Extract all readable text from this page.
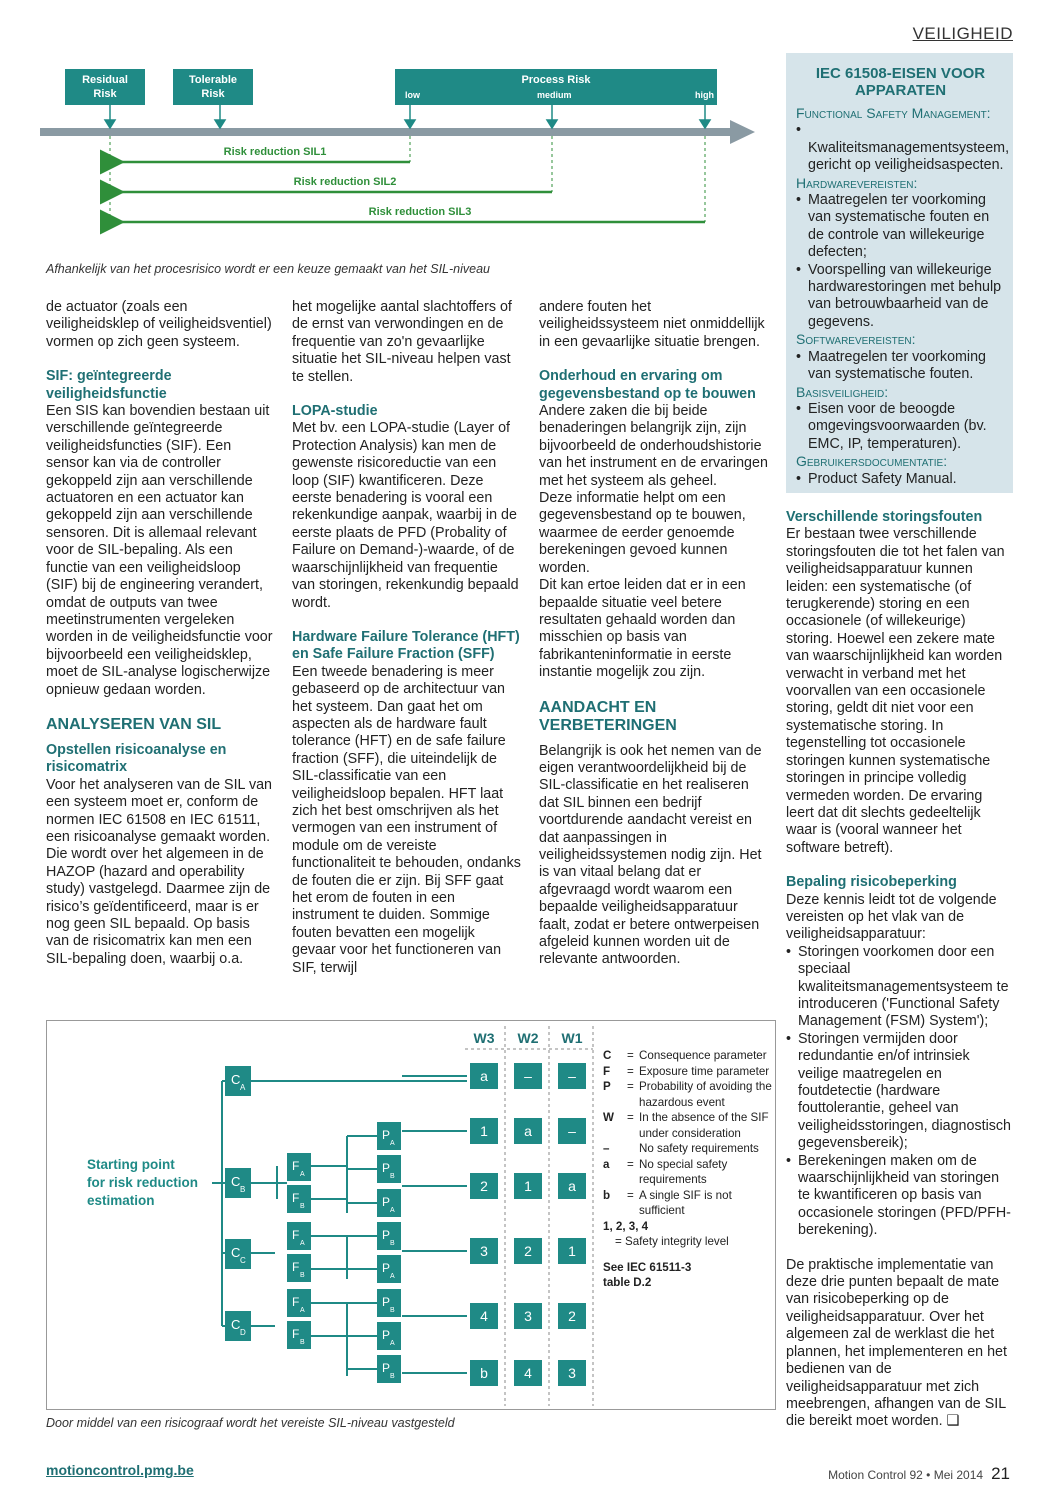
VEILIGHEID
Residual
Risk
Tolerable
Risk
Process Risk
low	medium	high
Risk reduction SIL1
Risk reduction SIL2
Risk reduction SIL3
Afhankelijk van het procesrisico wordt er een keuze gemaakt van het SIL-niveau

de actuator (zoals een veiligheidsklep of veiligheidsventiel) vormen op zich geen systeem.

SIF: geïntegreerde veiligheidsfunctie

Een SIS kan bovendien bestaan uit verschillende geïntegreerde veiligheidsfuncties (SIF). Een sensor kan via de controller gekoppeld zijn aan verschillende actuatoren en een actuator kan gekoppeld zijn aan verschillende sensoren. Dit is allemaal relevant voor de SIL-bepaling. Als een functie van een veiligheidsloop (SIF) bij de engineering verandert, omdat de outputs van twee meetinstrumenten vergeleken worden in de veiligheidsfunctie voor bijvoorbeeld een veiligheidsklep, moet de SIL-analyse logischerwijze opnieuw gedaan worden.

ANALYSEREN VAN SIL
Opstellen risicoanalyse en risicomatrix

Voor het analyseren van de SIL van een systeem moet er, conform de normen IEC 61508 en IEC 61511, een risicoanalyse gemaakt worden. Die wordt over het algemeen in de HAZOP (hazard and operability study) vastgelegd. Daarmee zijn de risico’s geïdentificeerd, maar is er nog geen SIL bepaald. Op basis van de risicomatrix kan men een SIL-bepaling doen, waarbij o.a.

het mogelijke aantal slachtoffers of de ernst van verwondingen en de frequentie van zo'n gevaarlijke situatie het SIL-niveau helpen vast te stellen.

LOPA-studie

Met bv. een LOPA-studie (Layer of Protection Analysis) kan men de gewenste risicoreductie van een loop (SIF) kwantificeren. Deze eerste benadering is vooral een rekenkundige aanpak, waarbij in de eerste plaats de PFD (Probality of Failure on Demand-)-waarde, of de waarschijnlijkheid van frequentie van storingen, rekenkundig bepaald wordt.

Hardware Failure Tolerance (HFT) en Safe Failure Fraction (SFF)

Een tweede benadering is meer gebaseerd op de architectuur van het systeem. Dan gaat het om aspecten als de hardware fault tolerance (HFT) en de safe failure fraction (SFF), die uiteindelijk de SIL-classificatie van een veiligheidsloop bepalen. HFT laat zich het best omschrijven als het vermogen van een instrument of module om de vereiste functionaliteit te behouden, ondanks de fouten die er zijn. Bij SFF gaat het erom de fouten in een instrument te duiden. Sommige fouten bevatten een mogelijk gevaar voor het functioneren van SIF, terwijl

andere fouten het veiligheidssysteem niet onmiddellijk in een gevaarlijke situatie brengen.

Onderhoud en ervaring om gegevensbestand op te bouwen

Andere zaken die bij beide benaderingen belangrijk zijn, zijn bijvoorbeeld de onderhoudshistorie van het instrument en de ervaringen met het systeem als geheel.

Deze informatie helpt om een gegevensbestand op te bouwen, waarmee de eerder genoemde berekeningen gevoed kunnen worden.

Dit kan ertoe leiden dat er in een bepaalde situatie veel betere resultaten gehaald worden dan misschien op basis van fabrikanteninformatie in eerste instantie mogelijk zou zijn.

AANDACHT EN VERBETERINGEN

Belangrijk is ook het nemen van de eigen verantwoordelijkheid bij de SIL-classificatie en het realiseren dat SIL binnen een bedrijf voortdurende aandacht vereist en dat aanpassingen in veiligheidssystemen nodig zijn. Het is van vitaal belang dat er afgevraagd wordt waarom een bepaalde veiligheidsapparatuur faalt, zodat er betere ontwerpeisen afgeleid kunnen worden uit de relevante antwoorden.

IEC 61508-EISEN VOOR APPARATEN
Functional Safety Management:
• Kwaliteitsmanagementsysteem, gericht op veiligheidsaspecten.
Hardwarevereisten:
• Maatregelen ter voorkoming van systematische fouten en de controle van willekeurige defecten;
• Voorspelling van willekeurige hardwarestoringen met behulp van betrouwbaarheid van de gegevens.
Softwarevereisten:
• Maatregelen ter voorkoming van systematische fouten.
Basisveiligheid:
• Eisen voor de beoogde omgevingsvoorwaarden (bv. EMC, IP, temperaturen).
Gebruikersdocumentatie:
• Product Safety Manual.
Verschillende storingsfouten

Er bestaan twee verschillende storingsfouten die tot het falen van veiligheidsapparatuur kunnen leiden: een systematische (of terugkerende) storing en een occasionele (of willekeurige) storing. Hoewel een zekere mate van waarschijnlijkheid kan worden verwacht in verband met het voorvallen van een occasionele storing, geldt dit niet voor een systematische storing. In tegenstelling tot occasionele storingen kunnen systematische storingen in principe volledig vermeden worden. De ervaring leert dat dit slechts gedeeltelijk waar is (vooral wanneer het software betreft).

Bepaling risicobeperking

Deze kennis leidt tot de volgende vereisten op het vlak van de veiligheidsapparatuur:

• Storingen voorkomen door een speciaal kwaliteitsmanagementsysteem te introduceren ('Functional Safety Management (FSM) System');
• Storingen vermijden door redundantie en/of intrinsiek veilige maatregelen en foutdetectie (hardware fouttolerantie, geheel van veiligheidsstoringen, diagnostisch gegevensbereik);
• Berekeningen maken om de waarschijnlijkheid van storingen te kwantificeren op basis van occasionele storingen (PFD/PFH-berekening).

De praktische implementatie van deze drie punten bepaalt de mate van risicobeperking op de veiligheidsapparatuur. Over het algemeen zal de werklast die het plannen, het implementeren en het bedienen van de veiligheidsapparatuur met zich meebrengen, afhangen van de SIL die bereikt moet worden. ❑

Starting point
for risk reduction
estimation
C
A
C
B
C
C
C
D
F
A
F
B
F
A
F
B
F
A
F
B
P
A
P
B
P
A
P
B
P
A
P
B
P
A
P
B
W3 W2 W1
a	–	–
1	a	–
2	1	a
3	2	1
4	3	2
b	4	3
C	= Consequence parameter
F	= Exposure time parameter
P	= Probability of avoiding the hazardous event
W	= In the absence of the SIF under consideration
–	No safety requirements
a	= No special safety requirements
b	= A single SIF is not sufficient
1, 2, 3, 4
= Safety integrity level
See IEC 61511-3
table D.2
Door middel van een risicograaf wordt het vereiste SIL-niveau vastgesteld
motioncontrol.pmg.be	Motion Control 92 • Mei 2014 21
